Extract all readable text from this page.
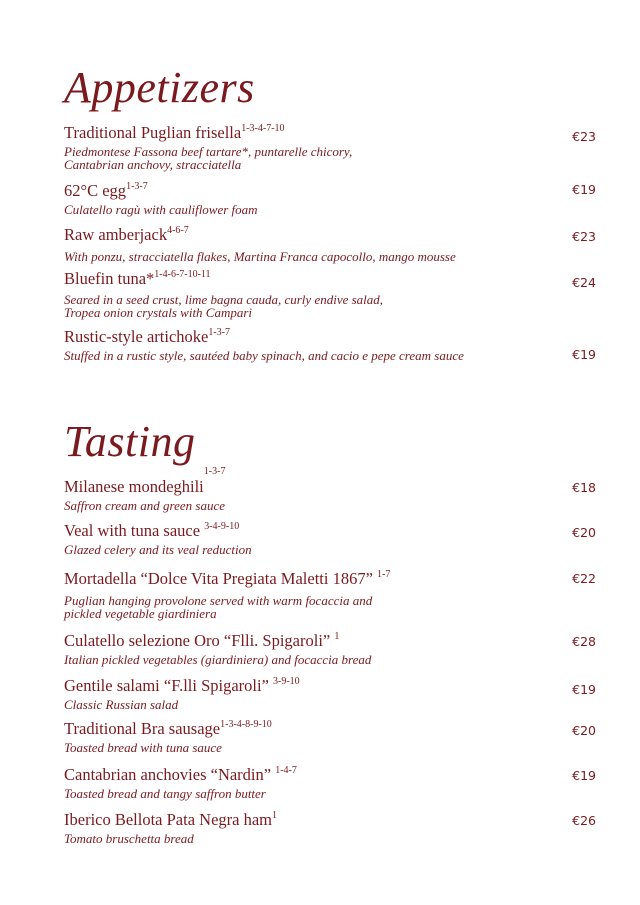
Appetizers
Traditional Puglian frisella$^{1-3-4-7-10}$
Piedmontese Fassona beef tartare*, puntarelle chicory,
Cantabrian anchovy, stracciatella
€23
62°C egg$^{1-3-7}$
Culatello ragù with cauliflower foam
€19
Raw amberjack$^{4-6-7}$
With ponzu, stracciatella flakes, Martina Franca capocollo, mango mousse
€23
Bluefin tuna*$^{1-4-6-7-10-11}$
Seared in a seed crust, lime bagna cauda, curly endive salad,
Tropea onion crystals with Campari
€24
Rustic-style artichoke$^{1-3-7}$
Stuffed in a rustic style, sautéed baby spinach, and cacio e pepe cream sauce	€19
Tasting
Milanese mondeghili$^{1-3-7}$
Saffron cream and green sauce
€18
Veal with tuna sauce $^{3-4-9-10}$
Glazed celery and its veal reduction
€20
Mortadella “Dolce Vita Pregiata Maletti 1867” $^{1-7}$
Puglian hanging provolone served with warm focaccia and
pickled vegetable giardiniera
€22
Culatello selezione Oro “Flli. Spigaroli” $^1$
Italian pickled vegetables (giardiniera) and focaccia bread
€28
Gentile salami “F.lli Spigaroli” $^{3-9-10}$
Classic Russian salad
€19
Traditional Bra sausage$^{1-3-4-8-9-10}$
Toasted bread with tuna sauce
€20
Cantabrian anchovies “Nardin” $^{1-4-7}$
Toasted bread and tangy saffron butter
€19
Iberico Bellota Pata Negra ham$^1$
Tomato bruschetta bread
€26
